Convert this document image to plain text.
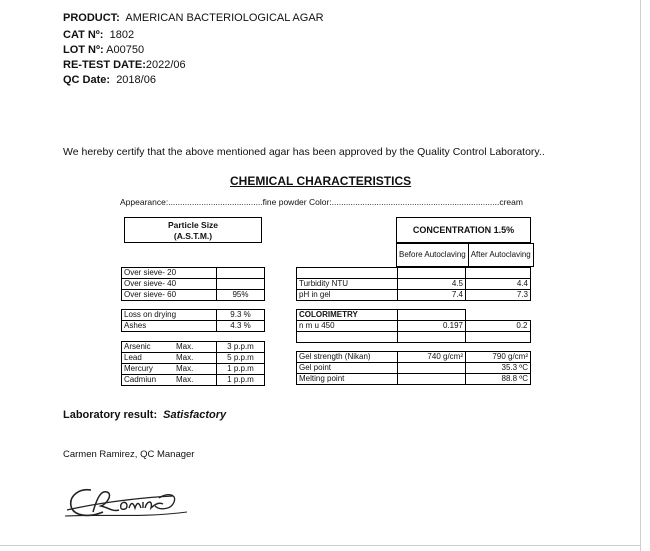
PRODUCT: AMERICAN BACTERIOLOGICAL AGAR
CAT Nº: 1802
LOT Nº: A00750
RE-TEST DATE:2022/06
QC Date: 2018/06
We hereby certify that the above mentioned agar has been approved by the Quality Control Laboratory..
CHEMICAL CHARACTERISTICS
Appearance:........................................fine powder Color:.......................................................................cream
Particle Size
(A.S.T.M.)
CONCENTRATION 1.5%
Before Autoclaving	After Autoclaving
Over sieve- 20	
Over sieve- 40	
Over sieve- 60	95%
Loss on drying	9.3 %
Ashes	4.3 %
Arsenic Max.	3 p.p.m
Lead Max.	5 p.p.m
Mercury Max.	1 p.p.m
Cadmiun Max.	1 p.p.m

Turbidity NTU	4.5	4.4
pH in gel	7.4	7.3
COLORIMETRY		
n m u 450	0.197	0.2

Gel strength (Nikan)	740 g/cm²	790 g/cm²
Gel point		35.3 ºC
Melting point		88.8 ºC
Laboratory result: Satisfactory
Carmen Ramirez, QC Manager
